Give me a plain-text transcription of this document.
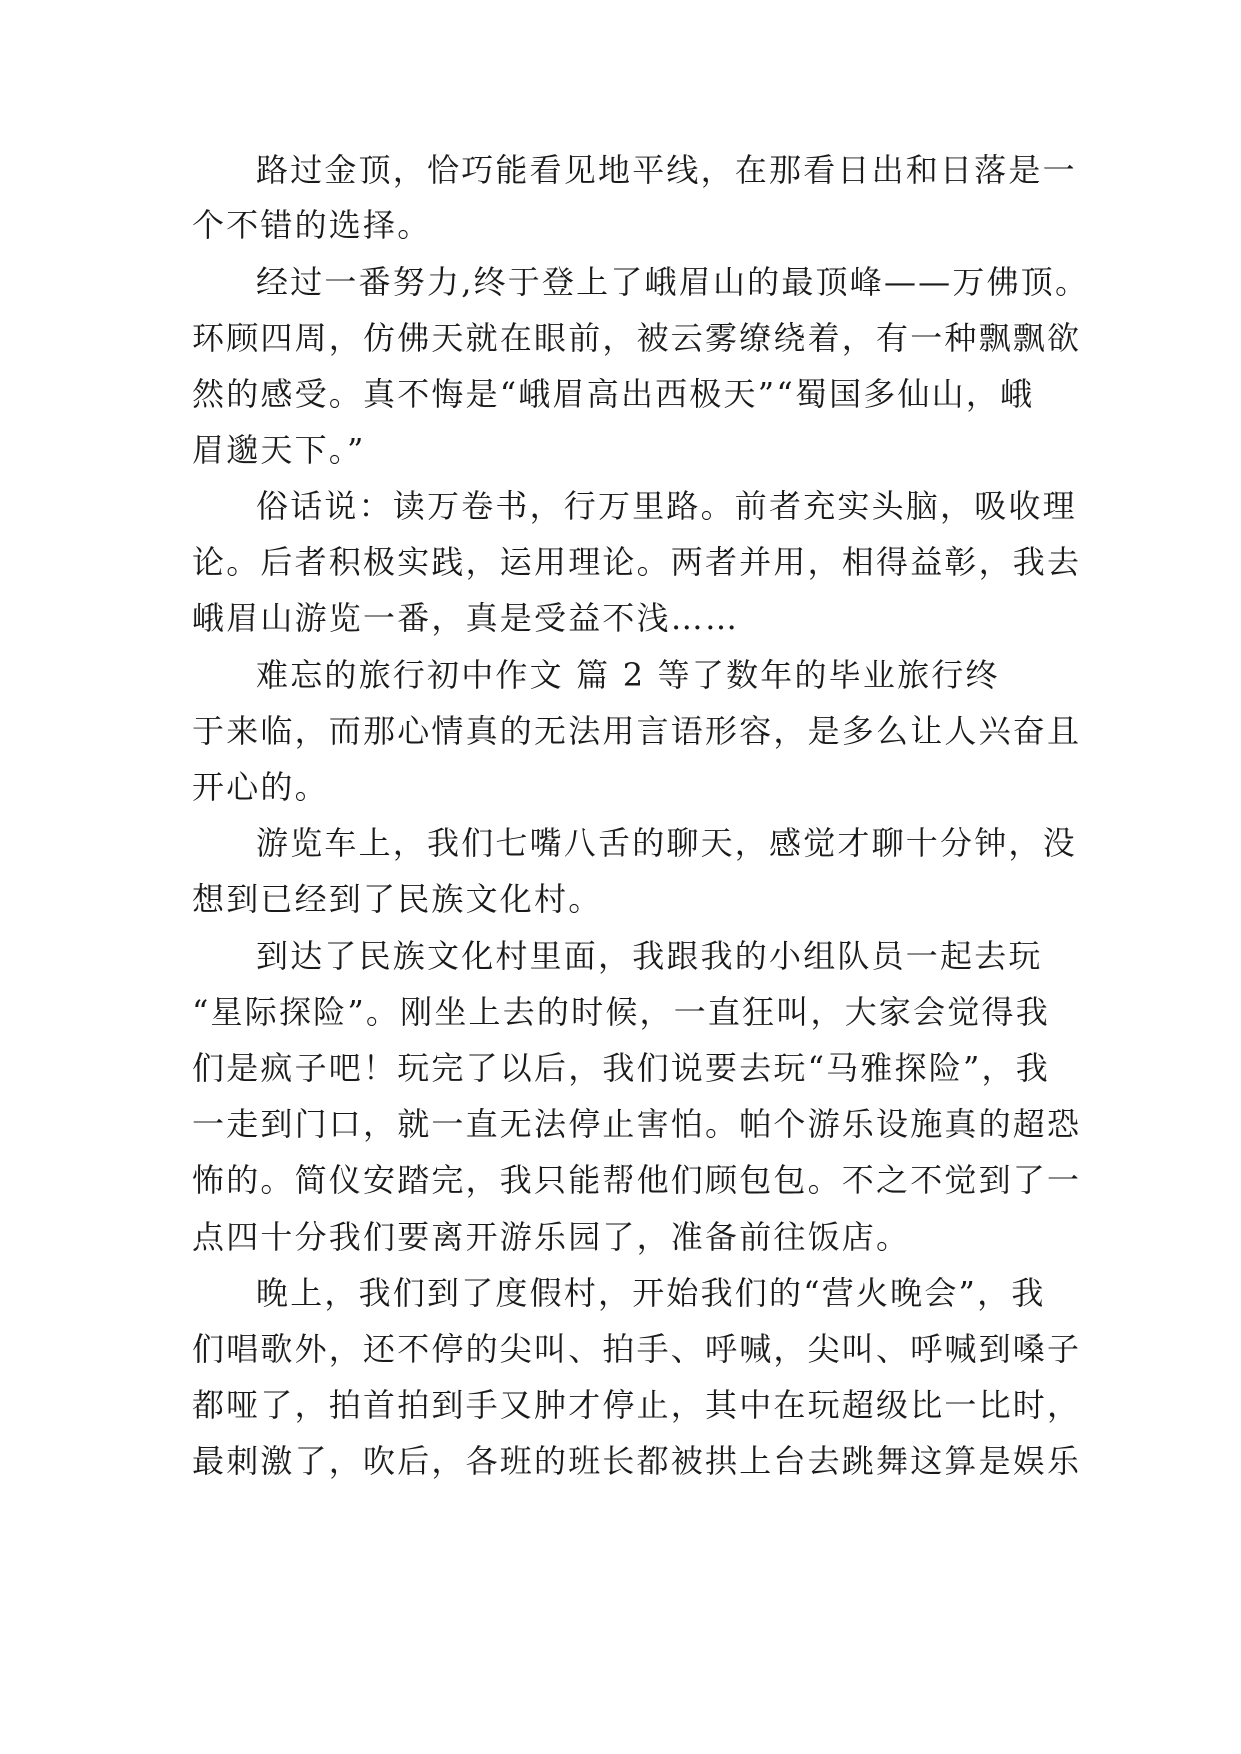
路过金顶，恰巧能看见地平线，在那看日出和日落是一
个不错的选择。
经过一番努力,终于登上了峨眉山的最顶峰——万佛顶。
环顾四周，仿佛天就在眼前，被云雾缭绕着，有一种飘飘欲
然的感受。真不悔是“峨眉高出西极天”“蜀国多仙山，峨
眉邈天下。”
俗话说：读万卷书，行万里路。前者充实头脑，吸收理
论。后者积极实践，运用理论。两者并用，相得益彰，我去
峨眉山游览一番，真是受益不浅……
难忘的旅行初中作文 篇 2 等了数年的毕业旅行终
于来临，而那心情真的无法用言语形容，是多么让人兴奋且
开心的。
游览车上，我们七嘴八舌的聊天，感觉才聊十分钟，没
想到已经到了民族文化村。
到达了民族文化村里面，我跟我的小组队员一起去玩
“星际探险”。刚坐上去的时候，一直狂叫，大家会觉得我
们是疯子吧！玩完了以后，我们说要去玩“马雅探险”，我
一走到门口，就一直无法停止害怕。帕个游乐设施真的超恐
怖的。简仪安踏完，我只能帮他们顾包包。不之不觉到了一
点四十分我们要离开游乐园了，准备前往饭店。
晚上，我们到了度假村，开始我们的“营火晚会”，我
们唱歌外，还不停的尖叫、拍手、呼喊，尖叫、呼喊到嗓子
都哑了，拍首拍到手又肿才停止，其中在玩超级比一比时，
最刺激了，吹后，各班的班长都被拱上台去跳舞这算是娱乐
